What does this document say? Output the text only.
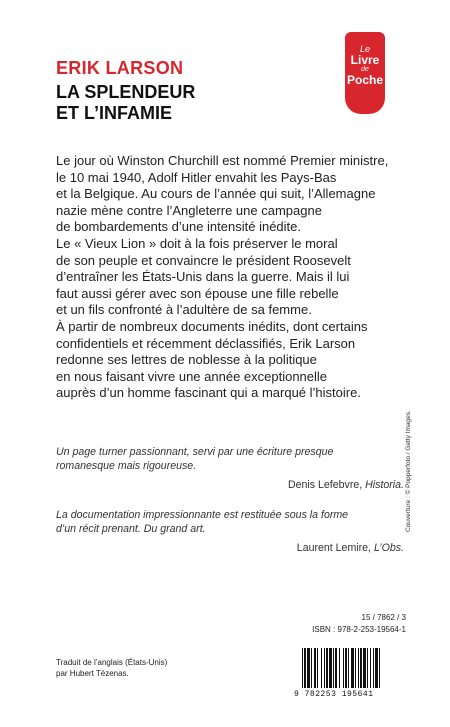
ERIK LARSON
LA SPLENDEUR
ET L’INFAMIE
Le
Livre
de
Poche
Le jour où Winston Churchill est nommé Premier ministre,
le 10 mai 1940, Adolf Hitler envahit les Pays-Bas
et la Belgique. Au cours de l’année qui suit, l’Allemagne
nazie mène contre l’Angleterre une campagne
de bombardements d’une intensité inédite.
Le « Vieux Lion » doit à la fois préserver le moral
de son peuple et convaincre le président Roosevelt
d’entraîner les États-Unis dans la guerre. Mais il lui
faut aussi gérer avec son épouse une fille rebelle
et un fils confronté à l’adultère de sa femme.
À partir de nombreux documents inédits, dont certains
confidentiels et récemment déclassifiés, Erik Larson
redonne ses lettres de noblesse à la politique
en nous faisant vivre une année exceptionnelle
auprès d’un homme fascinant qui a marqué l’histoire.
Un page turner passionnant, servi par une écriture presque
romanesque mais rigoureuse.
Denis Lefebvre, Historia.
La documentation impressionnante est restituée sous la forme
d’un récit prenant. Du grand art.
Laurent Lemire, L’Obs.
Couverture : © Popperfoto / Getty Images.
15 / 7862 / 3
ISBN : 978-2-253-19564-1
Traduit de l’anglais (États-Unis)
par Hubert Tézenas.
9 782253 195641
